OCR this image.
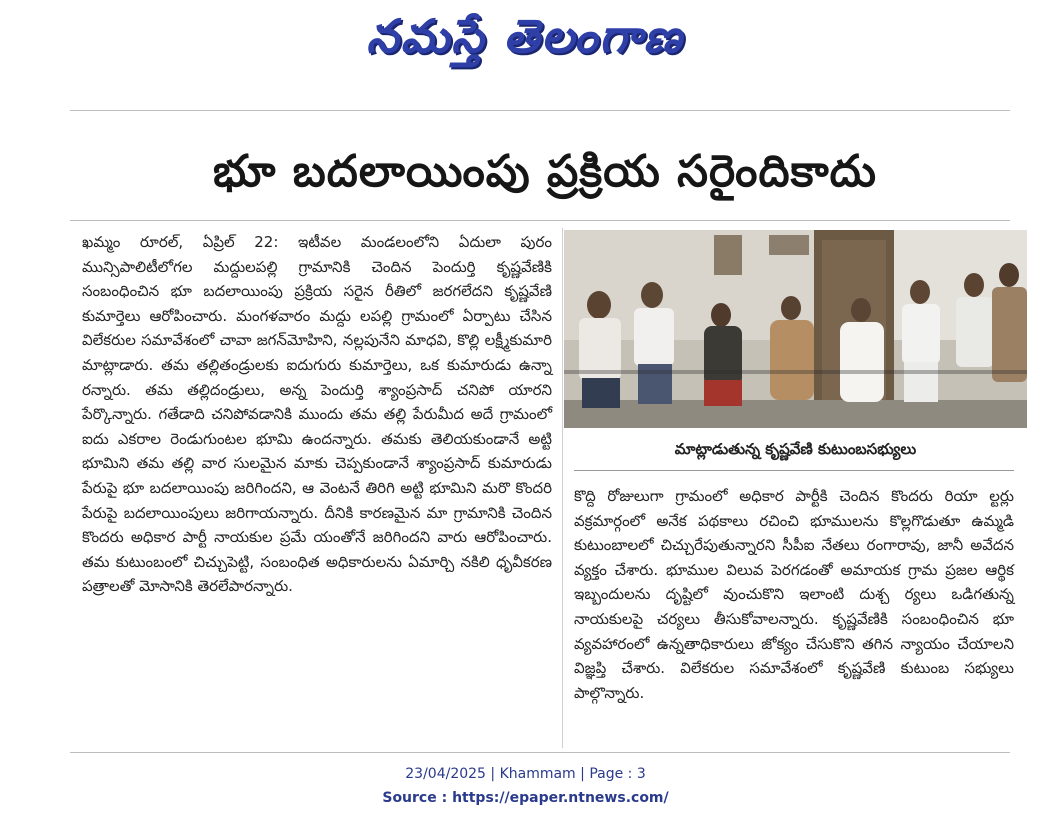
నమస్తే తెలంగాణ
భూ బదలాయింపు ప్రక్రియ సరైందికాదు

ఖమ్మం రూరల్, ఏప్రిల్ 22: ఇటీవల మండలంలోని ఏదులా పురం మున్సిపాలిటీలోగల మద్దులపల్లి గ్రామానికి చెందిన పెందుర్తి కృష్ణవేణికి సంబంధించిన భూ బదలాయింపు ప్రక్రియ సరైన రీతిలో జరగలేదని కృష్ణవేణి కుమార్తెలు ఆరోపించారు. మంగళవారం మద్దు లపల్లి గ్రామంలో ఏర్పాటు చేసిన విలేకరుల సమావేశంలో చావా జగన్‌మోహిని, నల్లపునేని మాధవి, కొల్లి లక్ష్మీకుమారి మాట్లాడారు. తమ తల్లితండ్రులకు ఐదుగురు కుమార్తెలు, ఒక కుమారుడు ఉన్నా రన్నారు. తమ తల్లిదండ్రులు, అన్న పెందుర్తి శ్యాంప్రసాద్ చనిపో యారని పేర్కొన్నారు. గతేడాది చనిపోవడానికి ముందు తమ తల్లి పేరుమీద అదే గ్రామంలో ఐదు ఎకరాల రెండుగుంటల భూమి ఉందన్నారు. తమకు తెలియకుండానే అట్టి భూమిని తమ తల్లి వార సులమైన మాకు చెప్పకుండానే శ్యాంప్రసాద్ కుమారుడు పేరుపై భూ బదలాయింపు జరిగిందని, ఆ వెంటనే తిరిగి అట్టి భూమిని మరొ కొందరి పేరుపై బదలాయింపులు జరిగాయన్నారు. దీనికి కారణమైన మా గ్రామానికి చెందిన కొందరు అధికార పార్టీ నాయకుల ప్రమే యంతోనే జరిగిందని వారు ఆరోపించారు. తమ కుటుంబంలో చిచ్చుపెట్టి, సంబంధిత అధికారులను ఏమార్చి నకిలి ధృవీకరణ పత్రాలతో మోసానికి తెరలేపారన్నారు.

మాట్లాడుతున్న కృష్ణవేణి కుటుంబసభ్యులు

కొద్ది రోజులుగా గ్రామంలో అధికార పార్టీకి చెందిన కొందరు రియా ల్టర్లు వక్రమార్గంలో అనేక పథకాలు రచించి భూములను కొల్లగొడుతూ ఉమ్మడి కుటుంబాలలో చిచ్చురేపుతున్నారని సీపీఐ నేతలు రంగారావు, జానీ అవేదన వ్యక్తం చేశారు. భూముల విలువ పెరగడంతో అమాయక గ్రామ ప్రజల ఆర్థిక ఇబ్బందులను దృష్టిలో వుంచుకొని ఇలాంటి దుశ్చ ర్యలు ఒడిగతున్న నాయకులపై చర్యలు తీసుకోవాలన్నారు. కృష్ణవేణికి సంబంధించిన భూ వ్యవహారంలో ఉన్నతాధికారులు జోక్యం చేసుకొని తగిన న్యాయం చేయాలని విజ్ఞప్తి చేశారు. విలేకరుల సమావేశంలో కృష్ణవేణి కుటుంబ సభ్యులు పాల్గొన్నారు.

23/04/2025 | Khammam | Page : 3
Source : https://epaper.ntnews.com/
